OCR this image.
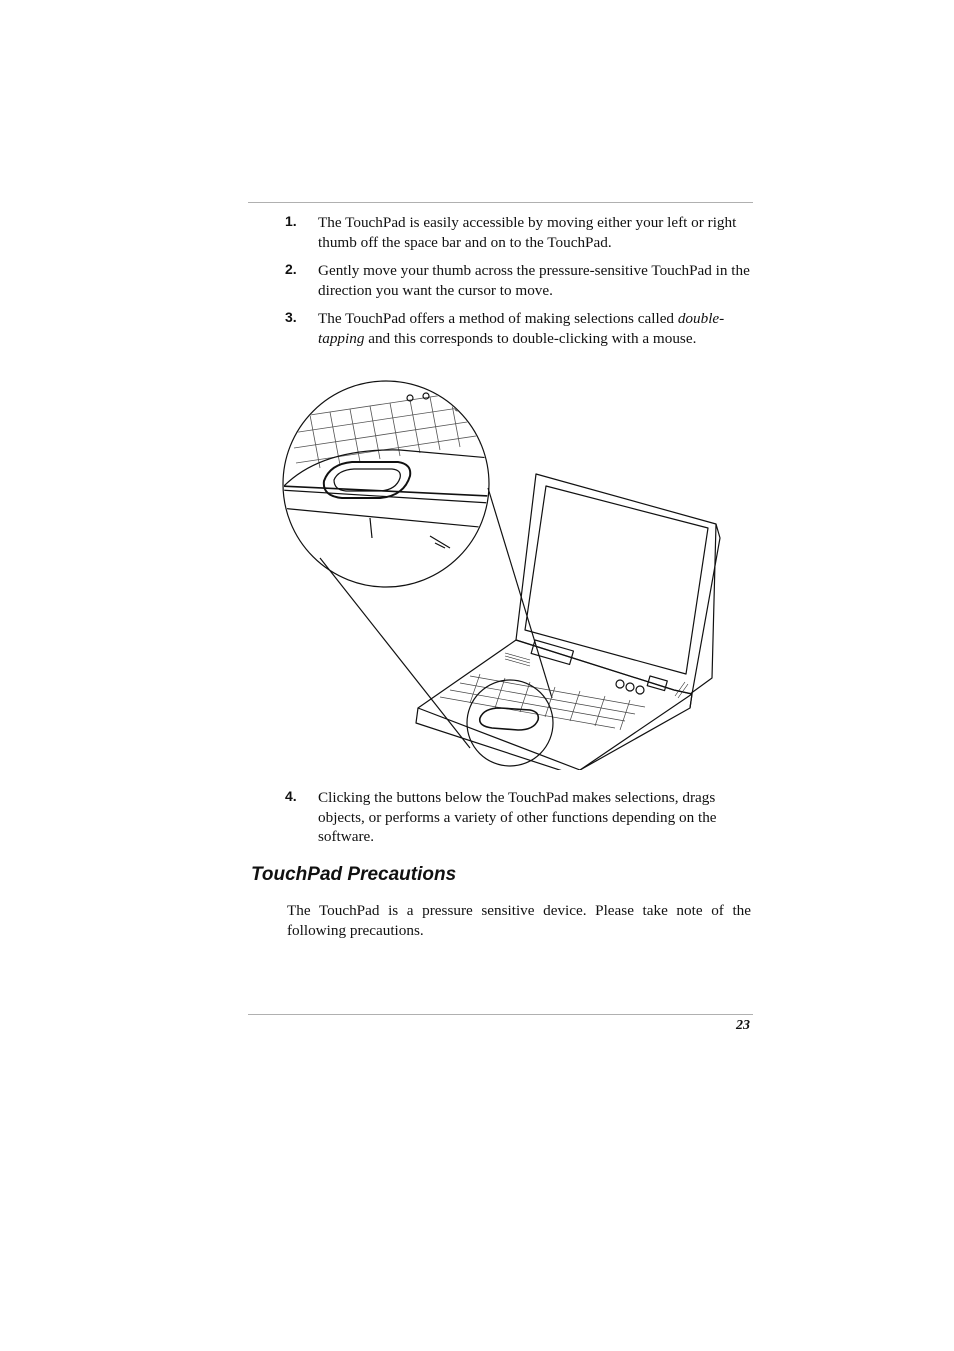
1. The TouchPad is easily accessible by moving either your left or right thumb off the space bar and on to the TouchPad.
2. Gently move your thumb across the pressure-sensitive TouchPad in the direction you want the cursor to move.
3. The TouchPad offers a method of making selections called double-tapping and this corresponds to double-clicking with a mouse.
4. Clicking the buttons below the TouchPad makes selections, drags objects, or performs a variety of other functions depending on the software.
TouchPad Precautions
The TouchPad is a pressure sensitive device. Please take note of the following precautions.
23
